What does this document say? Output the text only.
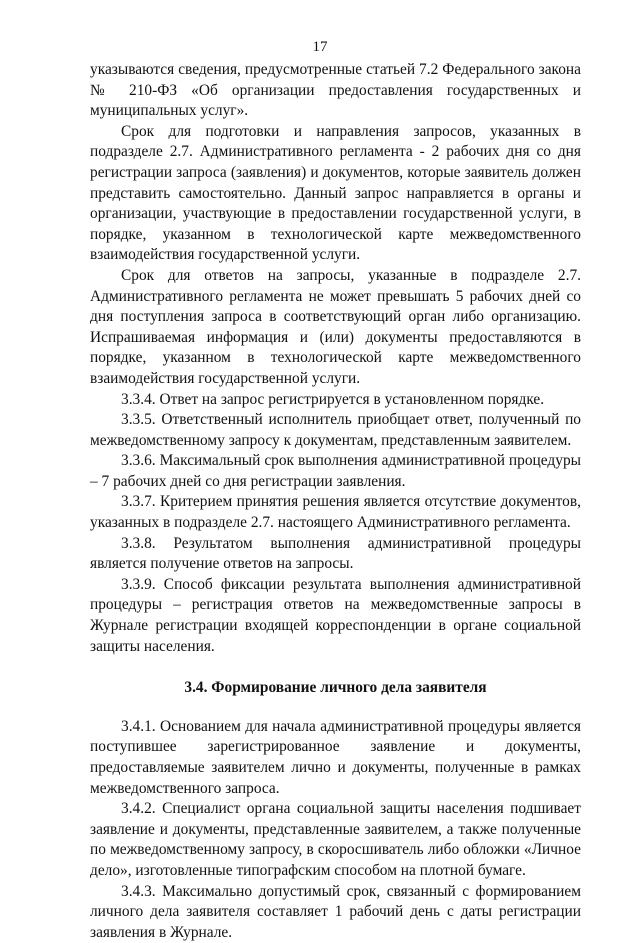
17

указываются сведения, предусмотренные статьей 7.2 Федерального закона № 210-ФЗ «Об организации предоставления государственных и муниципальных услуг».

Срок для подготовки и направления запросов, указанных в подразделе 2.7. Административного регламента - 2 рабочих дня со дня регистрации запроса (заявления) и документов, которые заявитель должен представить самостоятельно. Данный запрос направляется в органы и организации, участвующие в предоставлении государственной услуги, в порядке, указанном в технологической карте межведомственного взаимодействия государственной услуги.

Срок для ответов на запросы, указанные в подразделе 2.7. Административного регламента не может превышать 5 рабочих дней со дня поступления запроса в соответствующий орган либо организацию. Испрашиваемая информация и (или) документы предоставляются в порядке, указанном в технологической карте межведомственного взаимодействия государственной услуги.

3.3.4. Ответ на запрос регистрируется в установленном порядке.

3.3.5. Ответственный исполнитель приобщает ответ, полученный по межведомственному запросу к документам, представленным заявителем.

3.3.6. Максимальный срок выполнения административной процедуры – 7 рабочих дней со дня регистрации заявления.

3.3.7. Критерием принятия решения является отсутствие документов, указанных в подразделе 2.7. настоящего Административного регламента.

3.3.8. Результатом выполнения административной процедуры является получение ответов на запросы.

3.3.9. Способ фиксации результата выполнения административной процедуры – регистрация ответов на межведомственные запросы в Журнале регистрации входящей корреспонденции в органе социальной защиты населения.

3.4. Формирование личного дела заявителя

3.4.1. Основанием для начала административной процедуры является поступившее зарегистрированное заявление и документы, предоставляемые заявителем лично и документы, полученные в рамках межведомственного запроса.

3.4.2. Специалист органа социальной защиты населения подшивает заявление и документы, представленные заявителем, а также полученные по межведомственному запросу, в скоросшиватель либо обложки «Личное дело», изготовленные типографским способом на плотной бумаге.

3.4.3. Максимально допустимый срок, связанный с формированием личного дела заявителя составляет 1 рабочий день с даты регистрации заявления в Журнале.
